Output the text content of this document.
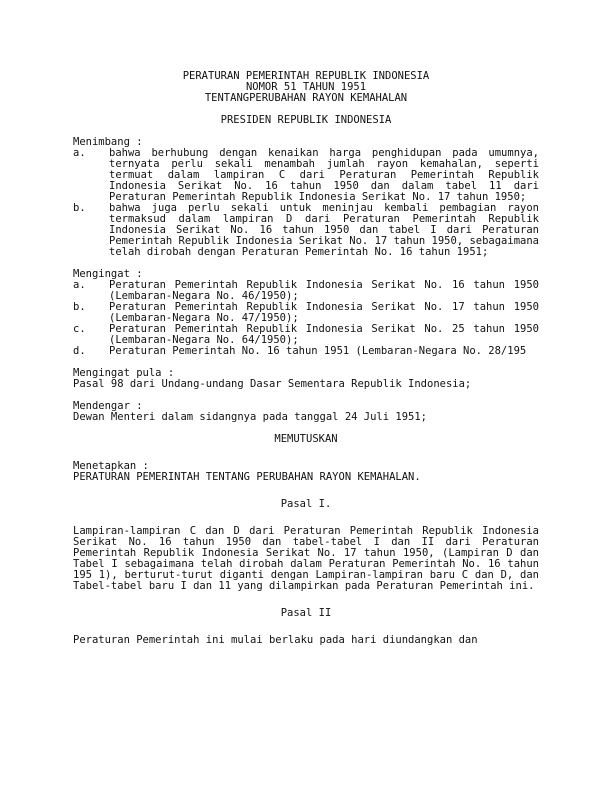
PERATURAN PEMERINTAH REPUBLIK INDONESIA
NOMOR 51 TAHUN 1951
TENTANGPERUBAHAN RAYON KEMAHALAN
PRESIDEN REPUBLIK INDONESIA
Menimbang :
a.	bahwa berhubung dengan kenaikan harga penghidupan pada umumnya, ternyata perlu sekali menambah jumlah rayon kemahalan, seperti termuat dalam lampiran C dari Peraturan Pemerintah Republik Indonesia Serikat No. 16 tahun 1950 dan dalam tabel 11 dari Peraturan Pemerintah Republik Indonesia Serikat No. 17 tahun 1950;
b.	bahwa juga perlu sekali untuk meninjau kembali pembagian rayon termaksud dalam lampiran D dari Peraturan Pemerintah Republik Indonesia Serikat No. 16 tahun 1950 dan tabel I dari Peraturan Pemerintah Republik Indonesia Serikat No. 17 tahun 1950, sebagaimana telah dirobah dengan Peraturan Pemerintah No. 16 tahun 1951;
Mengingat :
a.	Peraturan Pemerintah Republik Indonesia Serikat No. 16 tahun 1950 (Lembaran-Negara No. 46/1950);
b.	Peraturan Pemerintah Republik Indonesia Serikat No. 17 tahun 1950 (Lembaran-Negara No. 47/1950);
c.	Peraturan Pemerintah Republik Indonesia Serikat No. 25 tahun 1950 (Lembaran-Negara No. 64/1950);
d.	Peraturan Pemerintah No. 16 tahun 1951 (Lembaran-Negara No. 28/195
Mengingat pula :
Pasal 98 dari Undang-undang Dasar Sementara Republik Indonesia;
Mendengar :
Dewan Menteri dalam sidangnya pada tanggal 24 Juli 1951;
MEMUTUSKAN
Menetapkan :
PERATURAN PEMERINTAH TENTANG PERUBAHAN RAYON KEMAHALAN.
Pasal I.
Lampiran-lampiran C dan D dari Peraturan Pemerintah Republik Indonesia Serikat No. 16 tahun 1950 dan tabel-tabel I dan II dari Peraturan Pemerintah Republik Indonesia Serikat No. 17 tahun 1950, (Lampiran D dan Tabel I sebagaimana telah dirobah dalam Peraturan Pemerintah No. 16 tahun 195 1), berturut-turut diganti dengan Lampiran-lampiran baru C dan D, dan Tabel-tabel baru I dan 11 yang dilampirkan pada Peraturan Pemerintah ini.
Pasal II
Peraturan Pemerintah ini mulai berlaku pada hari diundangkan dan
